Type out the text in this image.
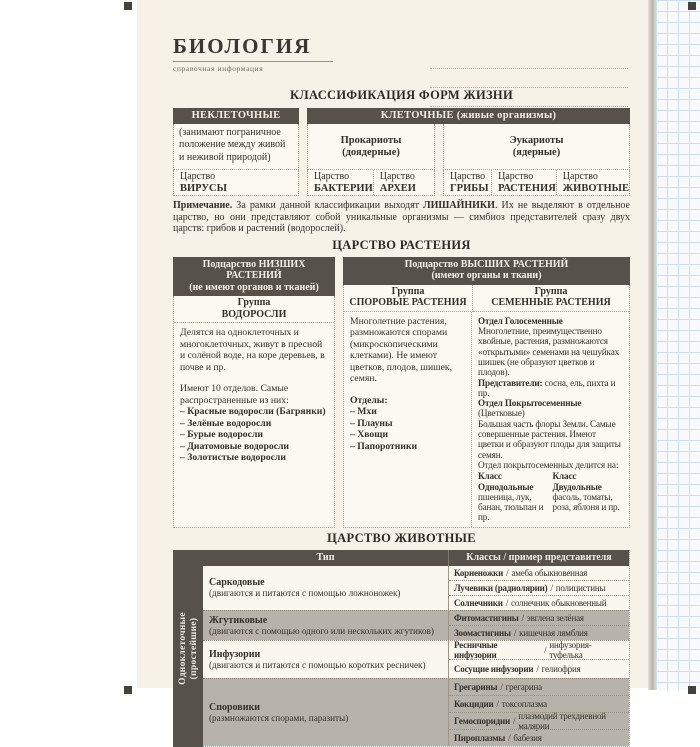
БИОЛОГИЯ
справочная информация
КЛАССИФИКАЦИЯ ФОРМ ЖИЗНИ
НЕКЛЕТОЧНЫЕ
(занимают пограничное положение между живой и неживой природой)
Царство
ВИРУСЫ
КЛЕТОЧНЫЕ (живые организмы)
Прокариоты
(доядерные)
Царство
БАКТЕРИИ
Царство
АРХЕИ
Эукариоты
(ядерные)
Царство
ГРИБЫ
Царство
РАСТЕНИЯ
Царство
ЖИВОТНЫЕ
Примечание. За рамки данной классификации выходят ЛИШАЙНИКИ. Их не выделяют в отдельное царство, но они представляют собой уникальные организмы — симбиоз представителей сразу двух царств: грибов и растений (водорослей).
ЦАРСТВО РАСТЕНИЯ
Подцарство НИЗШИХ РАСТЕНИЙ
(не имеют органов и тканей)
Группа
ВОДОРОСЛИ

Делятся на одноклеточных и многоклеточных, живут в пресной и солёной воде, на коре деревьев, в почве и пр.

Имеют 10 отделов. Самые распространенные из них:

– Красные водоросли (Багрянки)
– Зелёные водоросли
– Бурые водоросли
– Диатомовые водоросли
– Золотистые водоросли
Подцарство ВЫСШИХ РАСТЕНИЙ
(имеют органы и ткани)
Группа
СПОРОВЫЕ РАСТЕНИЯ
Группа
СЕМЕННЫЕ РАСТЕНИЯ

Многолетние растения, размножаются спорами (микроскопическими клетками). Не имеют цветков, плодов, шишек, семян.

Отделы:

– Мхи
– Плауны
– Хвощи
– Папоротники
Отдел Голосеменные
Многолетние, преимущественно хвойные, растения, размножаются «открытыми» семенами на чешуйках шишек (не образуют цветков и плодов).
Представители: сосна, ель, пихта и пр.
Отдел Покрытосеменные (Цветковые)
Большая часть флоры Земли. Самые совершенные растения. Имеют цветки и образуют плоды для защиты семян.
Отдел покрытосеменных делится на:
Класс
Однодольные
пшеница, лук, банан, тюльпан и пр.
Класс
Двудольные
фасоль, томаты, роза, яблоня и пр.
ЦАРСТВО ЖИВОТНЫЕ
Одноклеточные (простейшие)
Тип	Классы / пример представителя
Саркодовые
(двигаются и питаются с помощью ложноножек)
Корненожки / амеба обыкновенная
Лучевики (радиолярии) / полицистины
Солнечники / солнечник обыкновенный
Жгутиковые
(двигаются с помощью одного или нескольких жгутиков)
Фитомастигины / эвглена зелёная
Зоомастигины / кишечная лямблия
Инфузории
(двигаются и питаются с помощью коротких ресничек)
Ресничные инфузории	/ инфузория-туфелька
Сосущие инфузории / гелиофрия
Споровики
(размножаются спорами, паразиты)
Грегарины / грегарина
Кокцидии / токсоплазма
Гемоспоридии / плазмодий трехдневной малярии
Пироплазмы / бабезия
